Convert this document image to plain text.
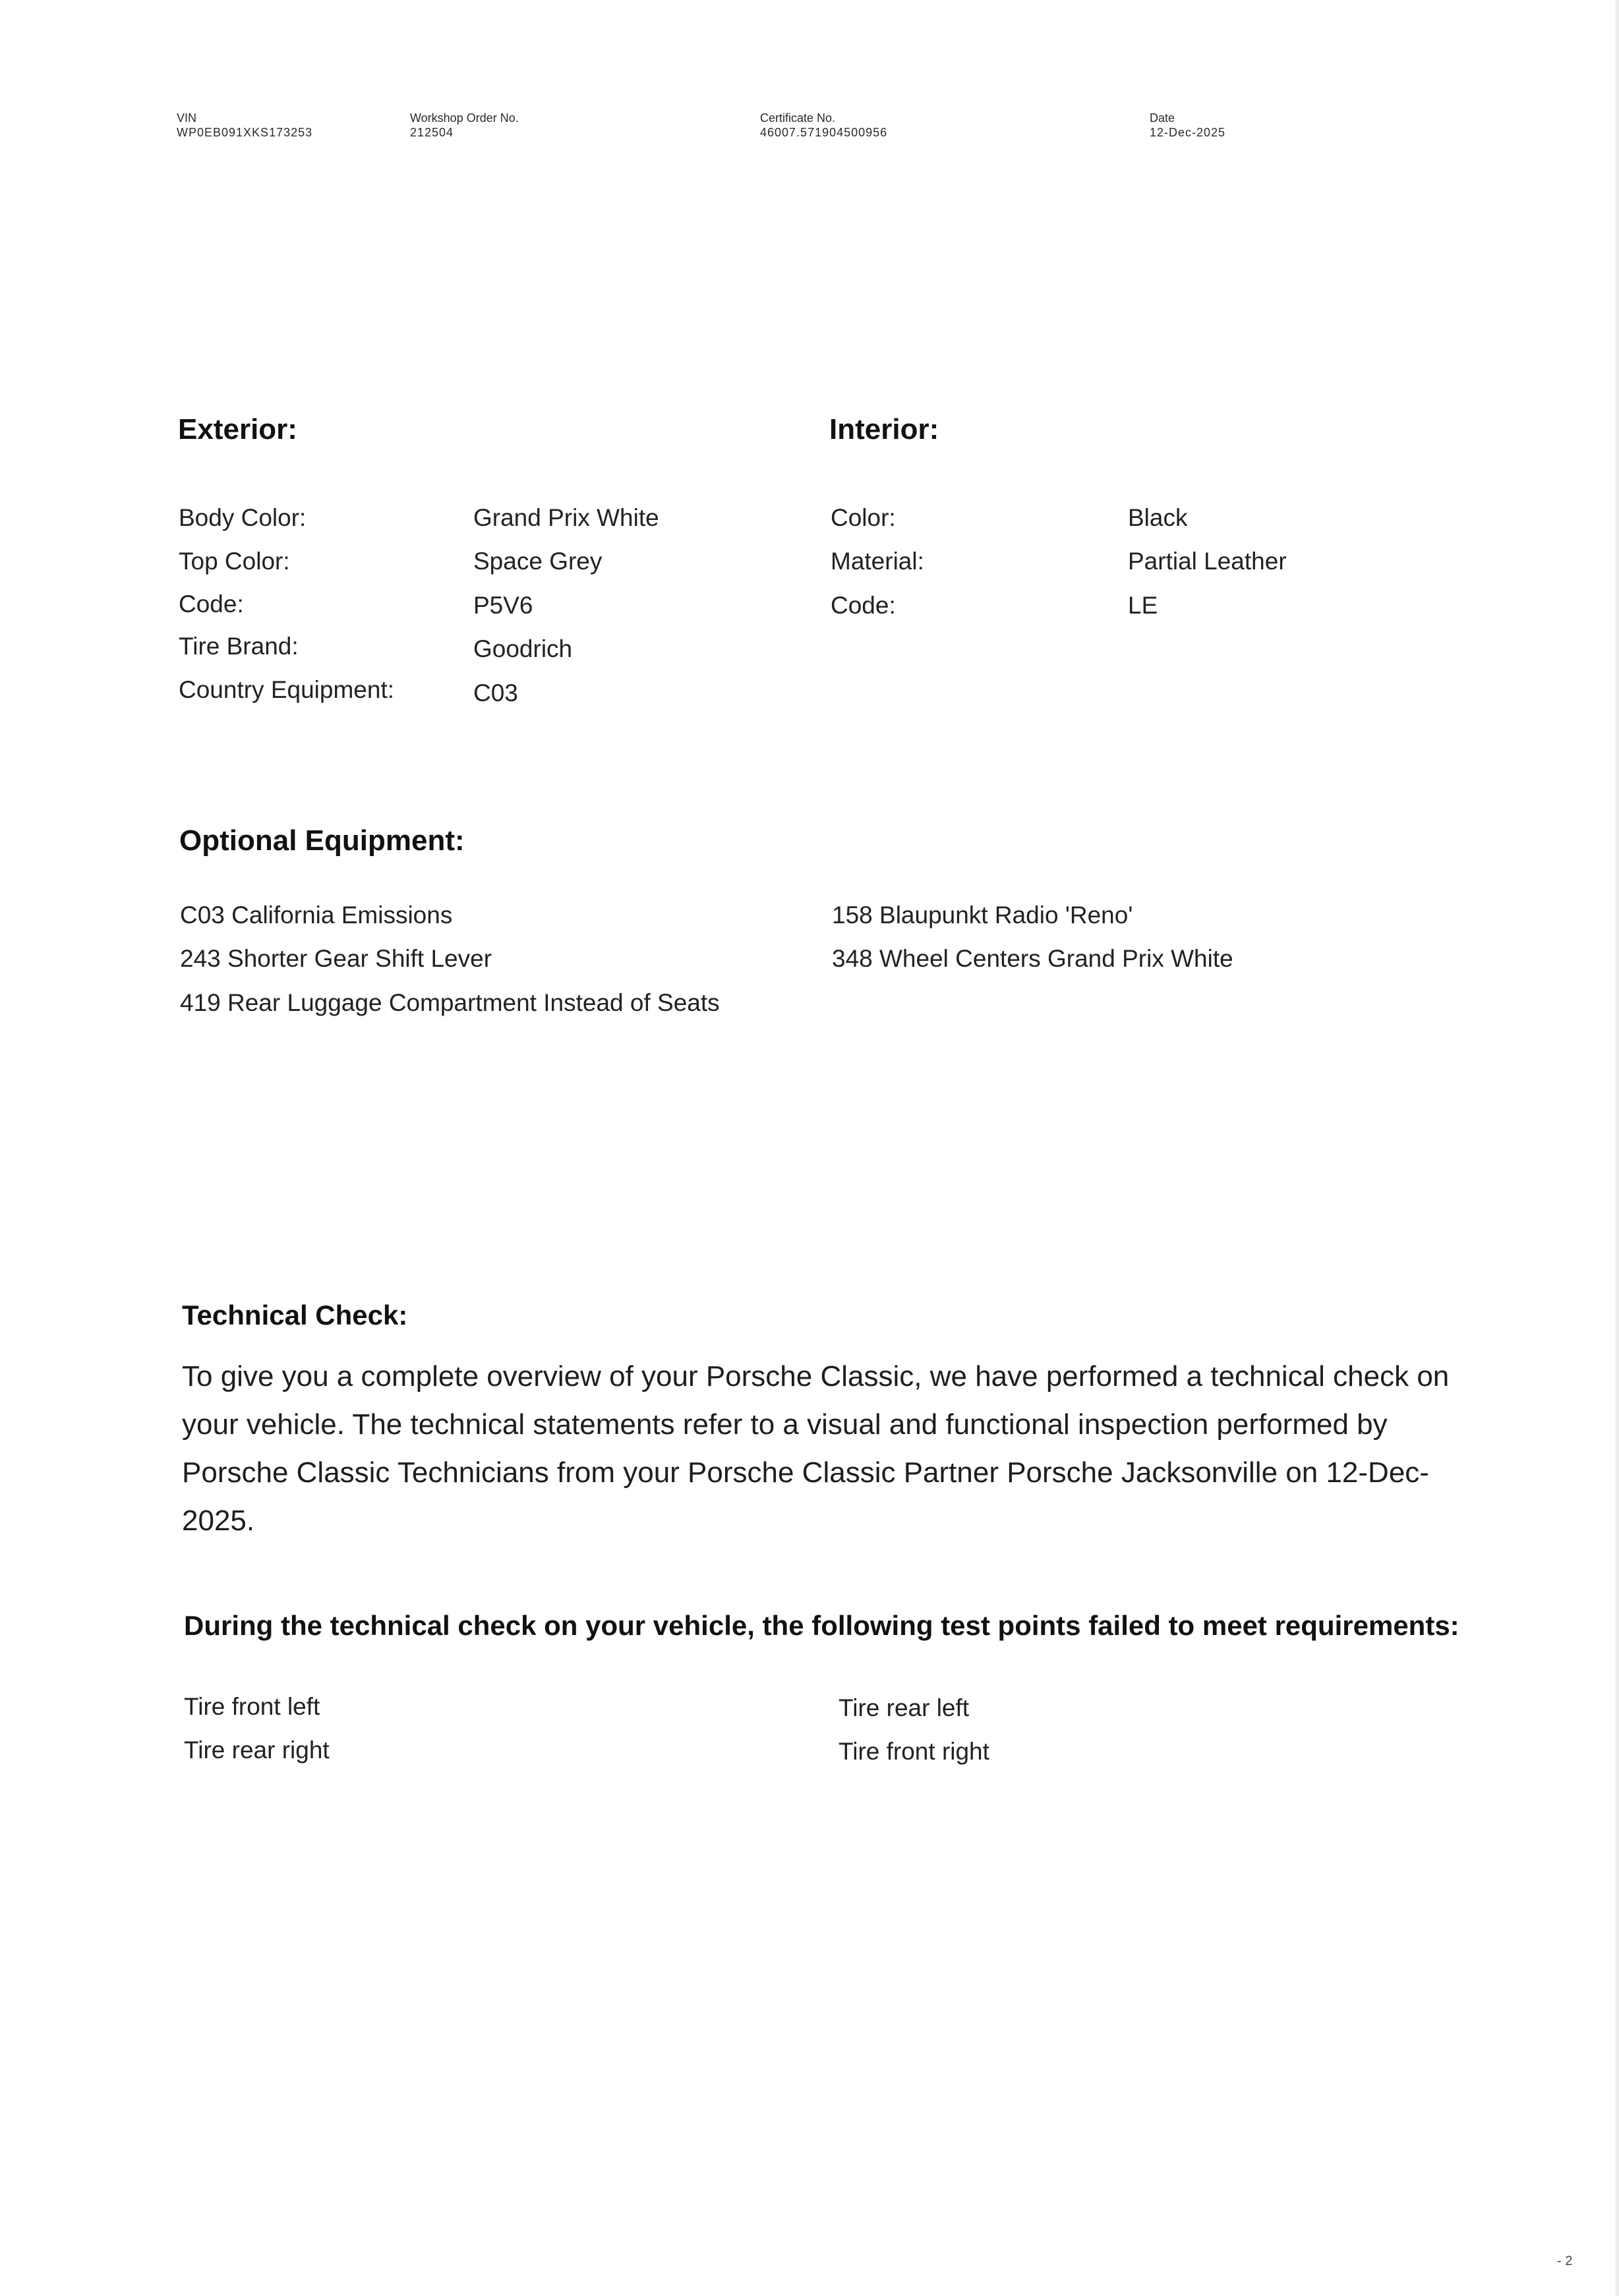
VIN
WP0EB091XKS173253
Workshop Order No.
212504
Certificate No.
46007.571904500956
Date
12-Dec-2025
Exterior:
Body Color:	Grand Prix White
Top Color:	Space Grey
Code:	P5V6
Tire Brand:	Goodrich
Country Equipment:	C03
Interior:
Color:	Black
Material:	Partial Leather
Code:	LE
Optional Equipment:
C03 California Emissions
243 Shorter Gear Shift Lever
419 Rear Luggage Compartment Instead of Seats
158 Blaupunkt Radio 'Reno'
348 Wheel Centers Grand Prix White
Technical Check:
To give you a complete overview of your Porsche Classic, we have performed a technical check on your vehicle. The technical statements refer to a visual and functional inspection performed by Porsche Classic Technicians from your Porsche Classic Partner Porsche Jacksonville on 12-Dec-2025.
During the technical check on your vehicle, the following test points failed to meet requirements:
Tire front left
Tire rear right
Tire rear left
Tire front right
- 2
